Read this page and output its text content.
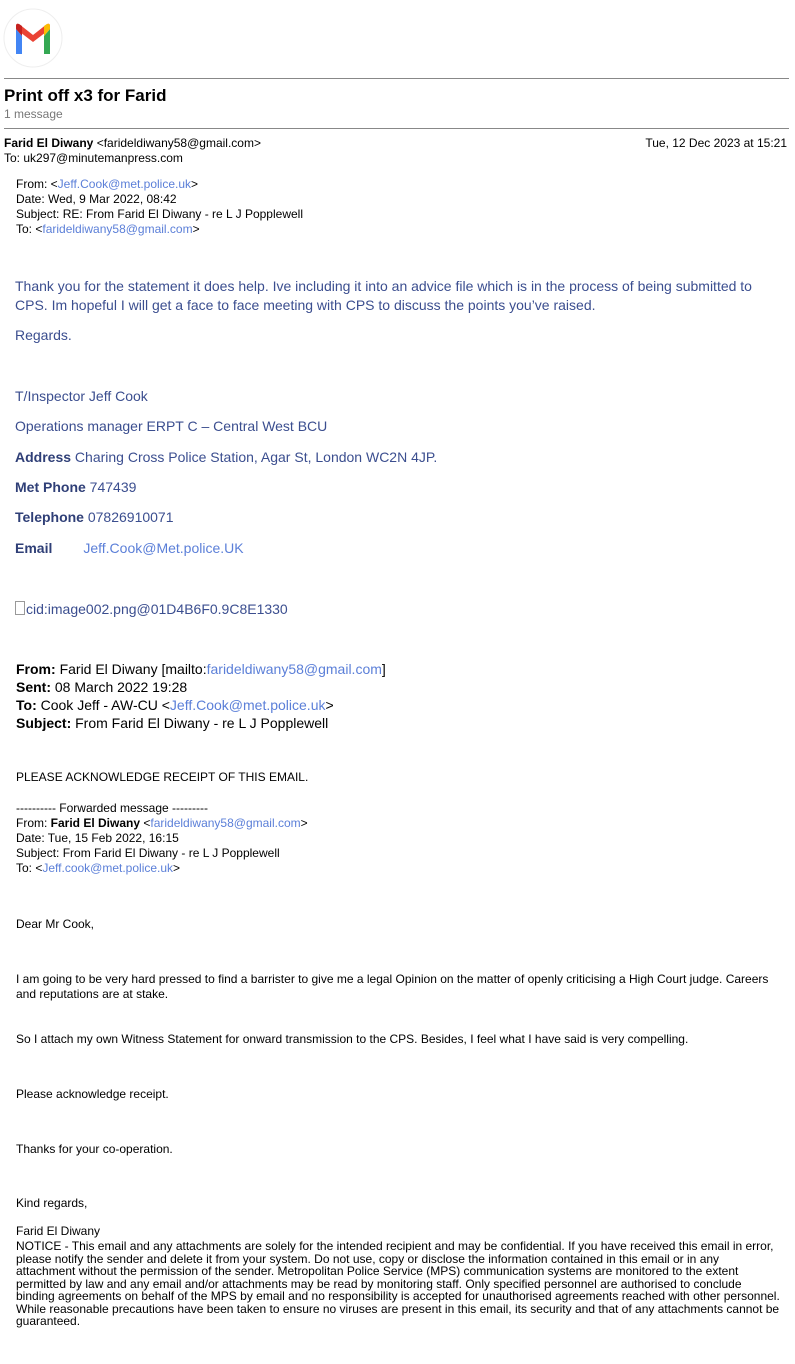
Print off x3 for Farid
1 message
Farid El Diwany <farideldiwany58@gmail.com>	Tue, 12 Dec 2023 at 15:21
To: uk297@minutemanpress.com
From: <Jeff.Cook@met.police.uk>
Date: Wed, 9 Mar 2022, 08:42
Subject: RE: From Farid El Diwany - re L J Popplewell
To: <farideldiwany58@gmail.com>
Thank you for the statement it does help. Ive including it into an advice file which is in the process of being submitted to CPS. Im hopeful I will get a face to face meeting with CPS to discuss the points you’ve raised.
Regards.
T/Inspector Jeff Cook
Operations manager ERPT C – Central West BCU
Address Charing Cross Police Station, Agar St, London WC2N 4JP.
Met Phone 747439
Telephone 07826910071
Email Jeff.Cook@Met.police.UK
cid:image002.png@01D4B6F0.9C8E1330
From: Farid El Diwany [mailto:farideldiwany58@gmail.com]
Sent: 08 March 2022 19:28
To: Cook Jeff - AW-CU <Jeff.Cook@met.police.uk>
Subject: From Farid El Diwany - re L J Popplewell
PLEASE ACKNOWLEDGE RECEIPT OF THIS EMAIL.
---------- Forwarded message ---------
From: Farid El Diwany <farideldiwany58@gmail.com>
Date: Tue, 15 Feb 2022, 16:15
Subject: From Farid El Diwany - re L J Popplewell
To: <Jeff.cook@met.police.uk>
Dear Mr Cook,
I am going to be very hard pressed to find a barrister to give me a legal Opinion on the matter of openly criticising a High Court judge. Careers and reputations are at stake.
So I attach my own Witness Statement for onward transmission to the CPS. Besides, I feel what I have said is very compelling.
Please acknowledge receipt.
Thanks for your co-operation.
Kind regards,
Farid El Diwany
NOTICE - This email and any attachments are solely for the intended recipient and may be confidential. If you have received this email in error, please notify the sender and delete it from your system. Do not use, copy or disclose the information contained in this email or in any attachment without the permission of the sender. Metropolitan Police Service (MPS) communication systems are monitored to the extent permitted by law and any email and/or attachments may be read by monitoring staff. Only specified personnel are authorised to conclude binding agreements on behalf of the MPS by email and no responsibility is accepted for unauthorised agreements reached with other personnel. While reasonable precautions have been taken to ensure no viruses are present in this email, its security and that of any attachments cannot be guaranteed.
